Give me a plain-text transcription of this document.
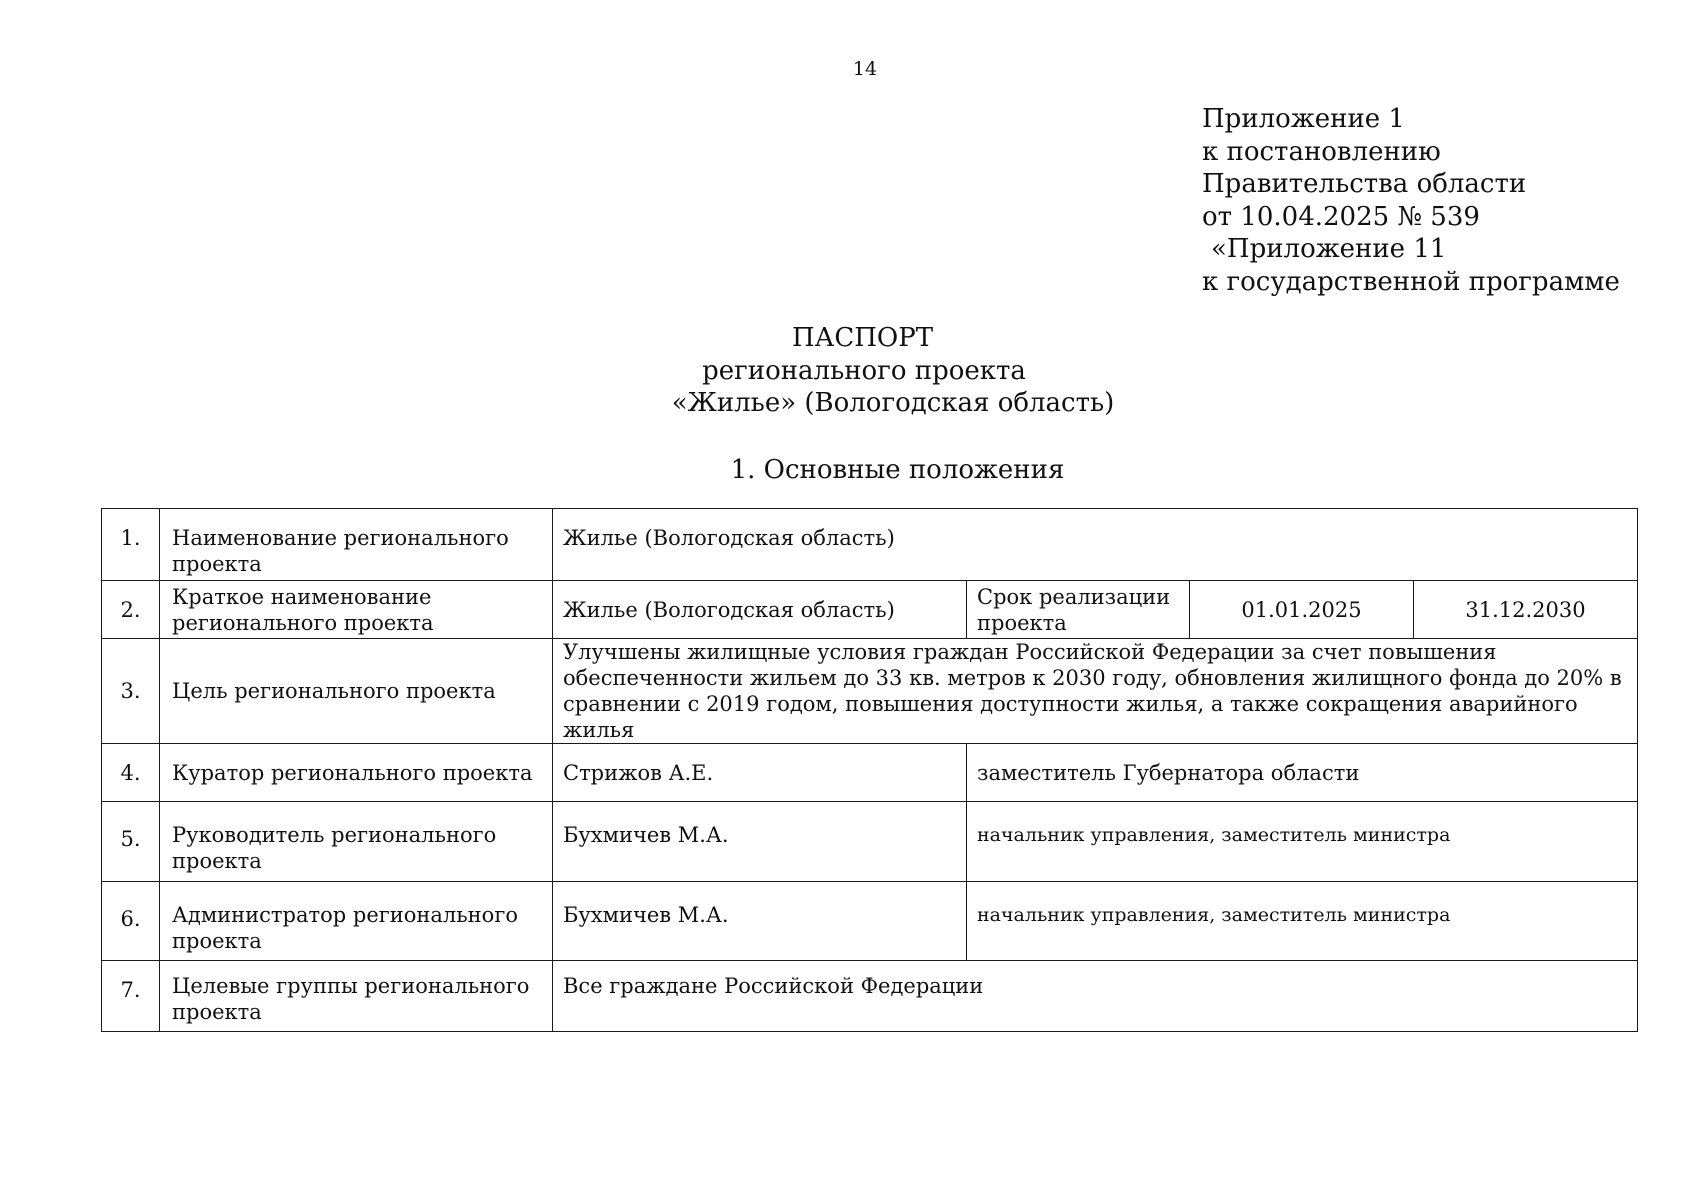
14
Приложение 1
к постановлению
Правительства области
от 10.04.2025 № 539
«Приложение 11
к государственной программе
ПАСПОРТ
регионального проекта
«Жилье» (Вологодская область)
1. Основные положения
1.	Наименование регионального проекта	Жилье (Вологодская область)			
2.	Краткое наименование регионального проекта	Жилье (Вологодская область)	Срок реализации проекта	01.01.2025	31.12.2030
3.	Цель регионального проекта	Улучшены жилищные условия граждан Российской Федерации за счет повышения обеспеченности жильем до 33 кв. метров к 2030 году, обновления жилищного фонда до 20% в сравнении с 2019 годом, повышения доступности жилья, а также сокращения аварийного жилья			
4.	Куратор регионального проекта	Стрижов А.Е.	заместитель Губернатора области		
5.	Руководитель регионального проекта	Бухмичев М.А.	начальник управления, заместитель министра		
6.	Администратор регионального проекта	Бухмичев М.А.	начальник управления, заместитель министра		
7.	Целевые группы регионального проекта	Все граждане Российской Федерации			
